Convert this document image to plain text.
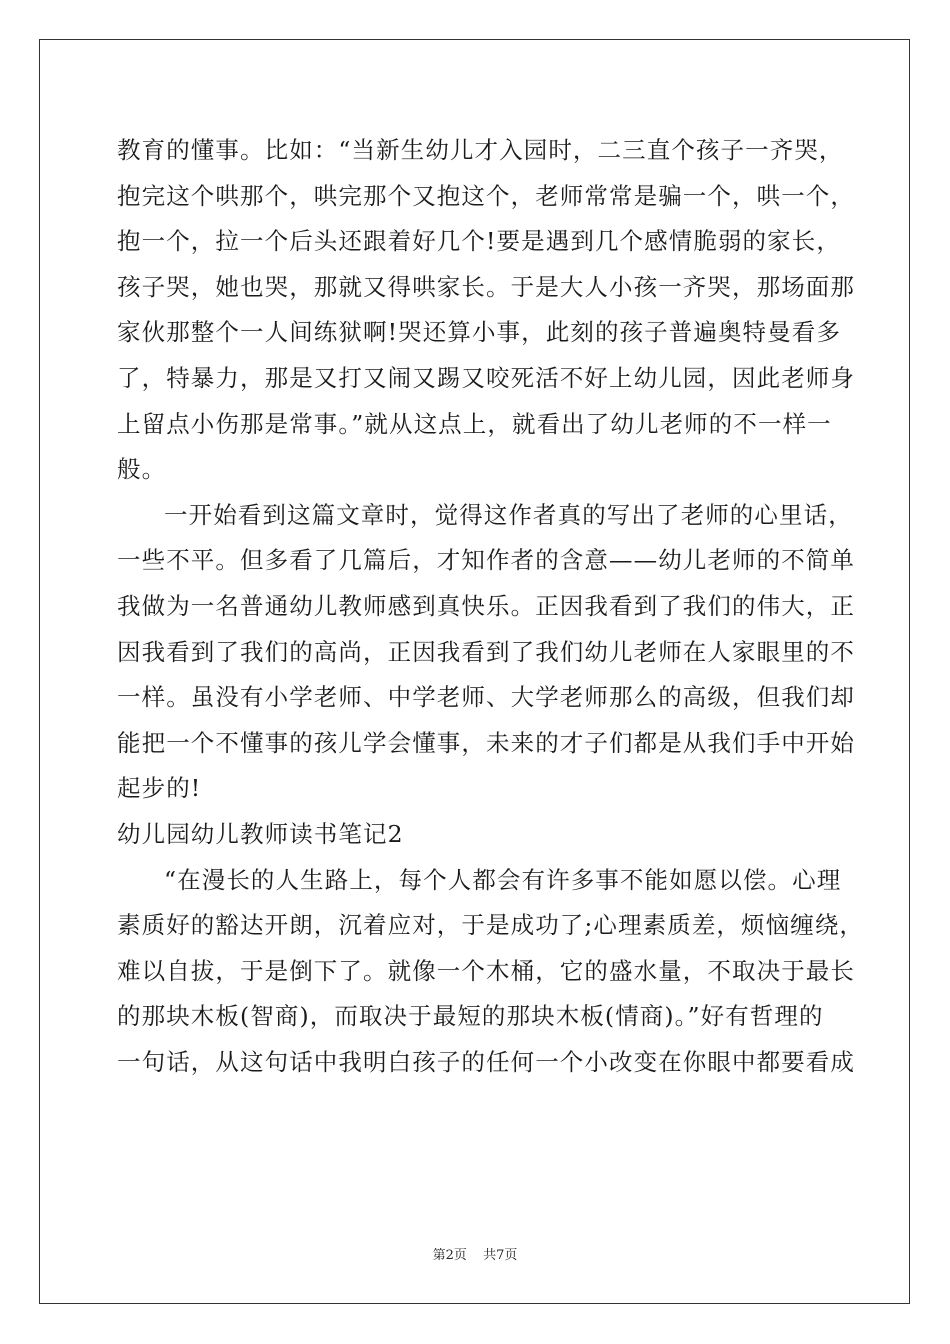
教育的懂事。比如：“当新生幼儿才入园时，二三直个孩子一齐哭，
抱完这个哄那个，哄完那个又抱这个，老师常常是骗一个，哄一个，
抱一个，拉一个后头还跟着好几个!要是遇到几个感情脆弱的家长，
孩子哭，她也哭，那就又得哄家长。于是大人小孩一齐哭，那场面那
家伙那整个一人间练狱啊!哭还算小事，此刻的孩子普遍奥特曼看多
了，特暴力，那是又打又闹又踢又咬死活不好上幼儿园，因此老师身
上留点小伤那是常事。”就从这点上，就看出了幼儿老师的不一样一
般。
一开始看到这篇文章时，觉得这作者真的写出了老师的心里话，
一些不平。但多看了几篇后，才知作者的含意——幼儿老师的不简单
我做为一名普通幼儿教师感到真快乐。正因我看到了我们的伟大，正
因我看到了我们的高尚，正因我看到了我们幼儿老师在人家眼里的不
一样。虽没有小学老师、中学老师、大学老师那么的高级，但我们却
能把一个不懂事的孩儿学会懂事，未来的才子们都是从我们手中开始
起步的!
幼儿园幼儿教师读书笔记2
“在漫长的人生路上，每个人都会有许多事不能如愿以偿。心理
素质好的豁达开朗，沉着应对，于是成功了;心理素质差，烦恼缠绕，
难以自拔，于是倒下了。就像一个木桶，它的盛水量，不取决于最长
的那块木板(智商)，而取决于最短的那块木板(情商)。”好有哲理的
一句话，从这句话中我明白孩子的任何一个小改变在你眼中都要看成
第2页 共7页
